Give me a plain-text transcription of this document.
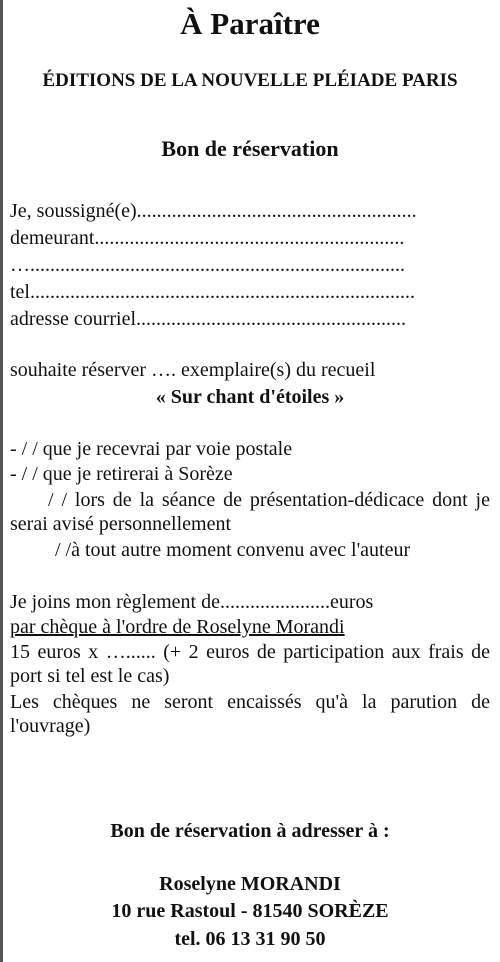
À Paraître
ÉDITIONS DE LA NOUVELLE PLÉIADE PARIS
Bon de réservation
Je, soussigné(e)........................................................
demeurant..............................................................
…...........................................................................
tel.............................................................................
adresse courriel......................................................
souhaite réserver …. exemplaire(s) du recueil
« Sur chant d'étoiles »
- / / que je recevrai par voie postale
- / / que je retirerai à Sorèze
/ / lors de la séance de présentation-dédicace dont je serai avisé personnellement
/ /à tout autre moment convenu avec l'auteur
Je joins mon règlement de......................euros
par chèque à l'ordre de Roselyne Morandi
15 euros x …...... (+ 2 euros de participation aux frais de port si tel est le cas)
Les chèques ne seront encaissés qu'à la parution de l'ouvrage)
Bon de réservation à adresser à :
Roselyne MORANDI
10 rue Rastoul - 81540 SORÈZE
tel. 06 13 31 90 50
